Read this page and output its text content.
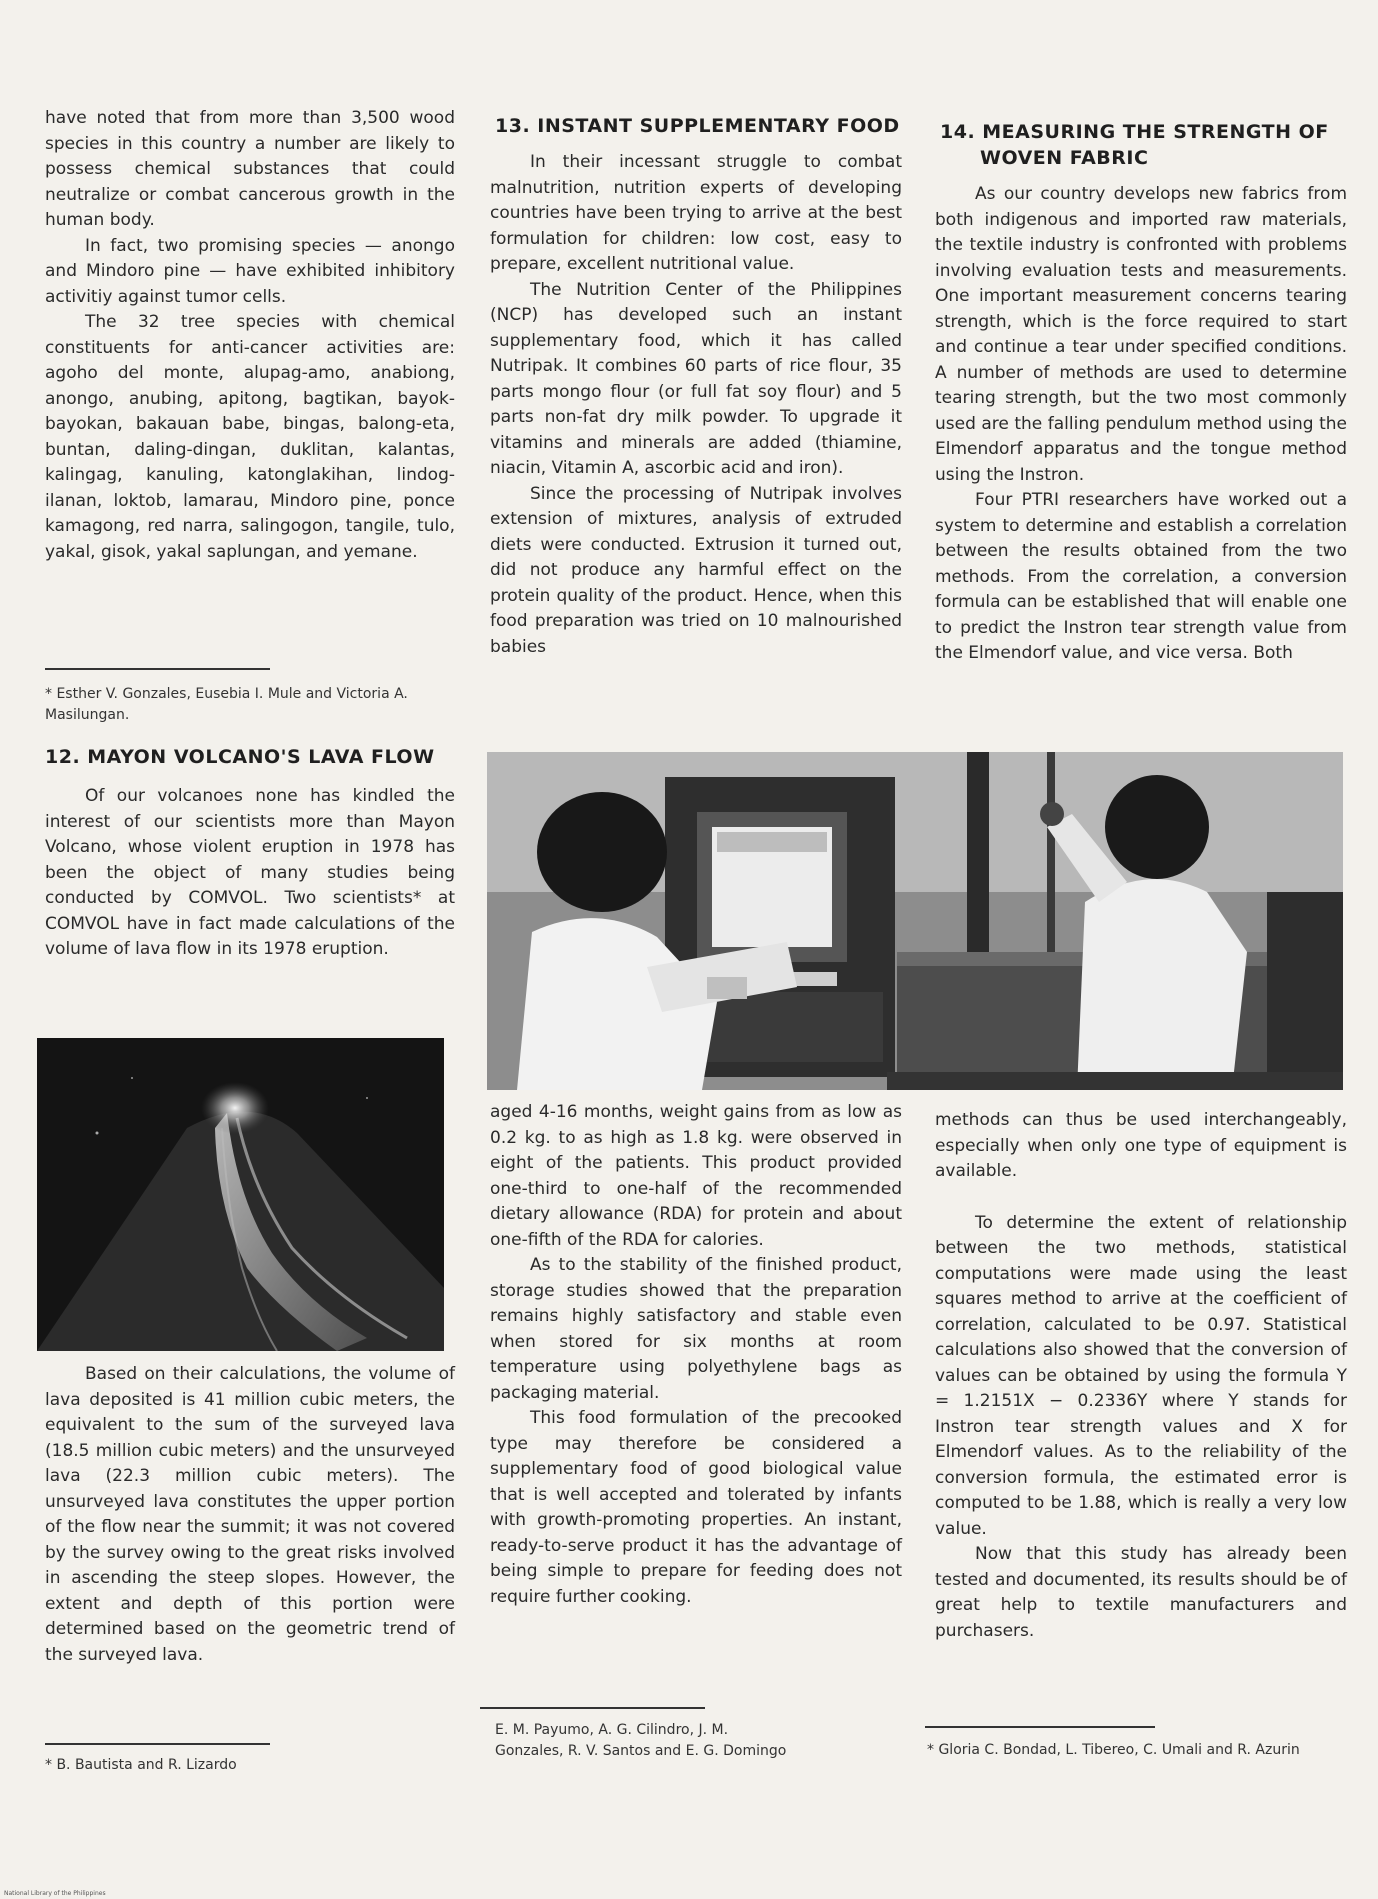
have noted that from more than 3,500 wood species in this country a number are likely to possess chemical substances that could neutralize or combat cancerous growth in the human body.

In fact, two promising species — anongo and Mindoro pine — have exhibited inhibitory activitiy against tumor cells.

The 32 tree species with chemical constituents for anti-cancer activities are: agoho del monte, alupag-amo, anabiong, anongo, anubing, apitong, bagtikan, bayok-bayokan, bakauan babe, bingas, balong-eta, buntan, daling-dingan, duklitan, kalantas, kalingag, kanuling, katonglakihan, lindog-ilanan, loktob, lamarau, Mindoro pine, ponce kamagong, red narra, salingogon, tangile, tulo, yakal, gisok, yakal saplungan, and yemane.

* Esther V. Gonzales, Eusebia I. Mule and Victoria A. Masilungan.
12. MAYON VOLCANO'S LAVA FLOW

Of our volcanoes none has kindled the interest of our scientists more than Mayon Volcano, whose violent eruption in 1978 has been the object of many studies being conducted by COMVOL. Two scientists* at COMVOL have in fact made calculations of the volume of lava flow in its 1978 eruption.

Based on their calculations, the volume of lava deposited is 41 million cubic meters, the equivalent to the sum of the surveyed lava (18.5 million cubic meters) and the unsurveyed lava (22.3 million cubic meters). The unsurveyed lava constitutes the upper portion of the flow near the summit; it was not covered by the survey owing to the great risks involved in ascending the steep slopes. However, the extent and depth of this portion were determined based on the geometric trend of the surveyed lava.

* B. Bautista and R. Lizardo
13. INSTANT SUPPLEMENTARY FOOD

In their incessant struggle to combat malnutrition, nutrition experts of developing countries have been trying to arrive at the best formulation for children: low cost, easy to prepare, excellent nutritional value.

The Nutrition Center of the Philippines (NCP) has developed such an instant supplementary food, which it has called Nutripak. It combines 60 parts of rice flour, 35 parts mongo flour (or full fat soy flour) and 5 parts non-fat dry milk powder. To upgrade it vitamins and minerals are added (thiamine, niacin, Vitamin A, ascorbic acid and iron).

Since the processing of Nutripak involves extension of mixtures, analysis of extruded diets were conducted. Extrusion it turned out, did not produce any harmful effect on the protein quality of the product. Hence, when this food preparation was tried on 10 malnourished babies

14. MEASURING THE STRENGTH OF WOVEN FABRIC

As our country develops new fabrics from both indigenous and imported raw materials, the textile industry is confronted with problems involving evaluation tests and measurements. One important measurement concerns tearing strength, which is the force required to start and continue a tear under specified conditions. A number of methods are used to determine tearing strength, but the two most commonly used are the falling pendulum method using the Elmendorf apparatus and the tongue method using the Instron.

Four PTRI researchers have worked out a system to determine and establish a correlation between the results obtained from the two methods. From the correlation, a conversion formula can be established that will enable one to predict the Instron tear strength value from the Elmendorf value, and vice versa. Both

aged 4-16 months, weight gains from as low as 0.2 kg. to as high as 1.8 kg. were observed in eight of the patients. This product provided one-third to one-half of the recommended dietary allowance (RDA) for protein and about one-fifth of the RDA for calories.

As to the stability of the finished product, storage studies showed that the preparation remains highly satisfactory and stable even when stored for six months at room temperature using polyethylene bags as packaging material.

This food formulation of the precooked type may therefore be considered a supplementary food of good biological value that is well accepted and tolerated by infants with growth-promoting properties. An instant, ready-to-serve product it has the advantage of being simple to prepare for feeding does not require further cooking.

E. M. Payumo, A. G. Cilindro, J. M. Gonzales, R. V. Santos and E. G. Domingo

methods can thus be used interchangeably, especially when only one type of equipment is available.

To determine the extent of relationship between the two methods, statistical computations were made using the least squares method to arrive at the coefficient of correlation, calculated to be 0.97. Statistical calculations also showed that the conversion of values can be obtained by using the formula Y = 1.2151X − 0.2336Y where Y stands for Instron tear strength values and X for Elmendorf values. As to the reliability of the conversion formula, the estimated error is computed to be 1.88, which is really a very low value.

Now that this study has already been tested and documented, its results should be of great help to textile manufacturers and purchasers.

* Gloria C. Bondad, L. Tibereo, C. Umali and R. Azurin
National Library of the Philippines
